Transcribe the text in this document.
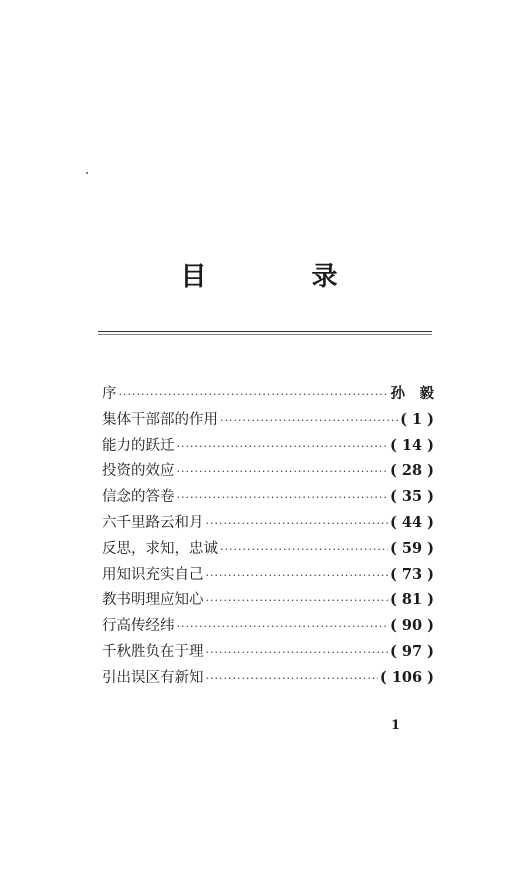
目 录
序 ·····	孙　毅
集体干部部的作用 ·····	( 1 )
能力的跃迁 ·····	( 14 )
投资的效应 ·····	( 28 )
信念的答卷 ·····	( 35 )
六千里路云和月 ·····	( 44 )
反思，求知，忠诚 ·····	( 59 )
用知识充实自己 ·····	( 73 )
教书明理应知心 ·····	( 81 )
行高传经纬 ·····	( 90 )
千秋胜负在于理 ·····	( 97 )
引出误区有新知 ·····	( 106 )
1
